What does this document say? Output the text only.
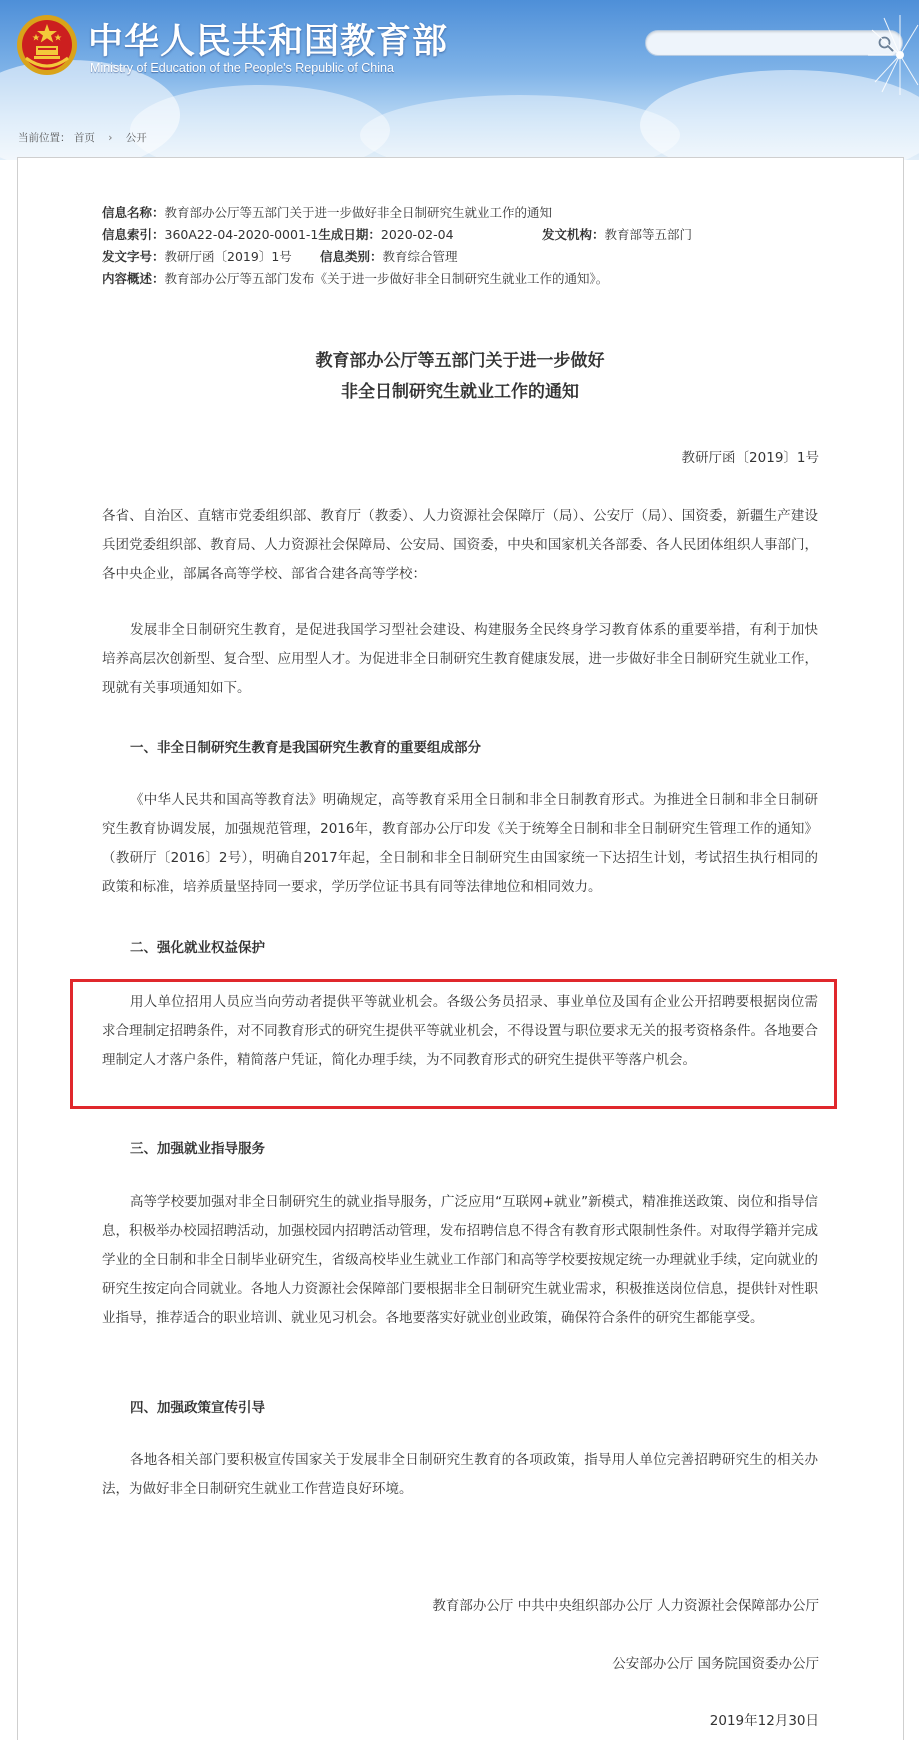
中华人民共和国教育部
Ministry of Education of the People's Republic of China
当前位置： 首页 › 公开
信息名称：教育部办公厅等五部门关于进一步做好非全日制研究生就业工作的通知
信息索引：360A22-04-2020-0001-1生成日期：2020-02-04	发文机构：教育部等五部门
发文字号：教研厅函〔2019〕1号 信息类别：教育综合管理
内容概述：教育部办公厅等五部门发布《关于进一步做好非全日制研究生就业工作的通知》。
教育部办公厅等五部门关于进一步做好
非全日制研究生就业工作的通知
教研厅函〔2019〕1号

各省、自治区、直辖市党委组织部、教育厅（教委）、人力资源社会保障厅（局）、公安厅（局）、国资委，新疆生产建设兵团党委组织部、教育局、人力资源社会保障局、公安局、国资委，中央和国家机关各部委、各人民团体组织人事部门，各中央企业，部属各高等学校、部省合建各高等学校：

发展非全日制研究生教育，是促进我国学习型社会建设、构建服务全民终身学习教育体系的重要举措，有利于加快培养高层次创新型、复合型、应用型人才。为促进非全日制研究生教育健康发展，进一步做好非全日制研究生就业工作，现就有关事项通知如下。

一、非全日制研究生教育是我国研究生教育的重要组成部分

《中华人民共和国高等教育法》明确规定，高等教育采用全日制和非全日制教育形式。为推进全日制和非全日制研究生教育协调发展，加强规范管理，2016年，教育部办公厅印发《关于统筹全日制和非全日制研究生管理工作的通知》（教研厅〔2016〕2号），明确自2017年起，全日制和非全日制研究生由国家统一下达招生计划，考试招生执行相同的政策和标准，培养质量坚持同一要求，学历学位证书具有同等法律地位和相同效力。

二、强化就业权益保护

用人单位招用人员应当向劳动者提供平等就业机会。各级公务员招录、事业单位及国有企业公开招聘要根据岗位需求合理制定招聘条件，对不同教育形式的研究生提供平等就业机会，不得设置与职位要求无关的报考资格条件。各地要合理制定人才落户条件，精简落户凭证，简化办理手续，为不同教育形式的研究生提供平等落户机会。

三、加强就业指导服务

高等学校要加强对非全日制研究生的就业指导服务，广泛应用“互联网+就业”新模式，精准推送政策、岗位和指导信息，积极举办校园招聘活动，加强校园内招聘活动管理，发布招聘信息不得含有教育形式限制性条件。对取得学籍并完成学业的全日制和非全日制毕业研究生，省级高校毕业生就业工作部门和高等学校要按规定统一办理就业手续，定向就业的研究生按定向合同就业。各地人力资源社会保障部门要根据非全日制研究生就业需求，积极推送岗位信息，提供针对性职业指导，推荐适合的职业培训、就业见习机会。各地要落实好就业创业政策，确保符合条件的研究生都能享受。

四、加强政策宣传引导

各地各相关部门要积极宣传国家关于发展非全日制研究生教育的各项政策，指导用人单位完善招聘研究生的相关办法，为做好非全日制研究生就业工作营造良好环境。

教育部办公厅 中共中央组织部办公厅 人力资源社会保障部办公厅
公安部办公厅 国务院国资委办公厅
2019年12月30日
